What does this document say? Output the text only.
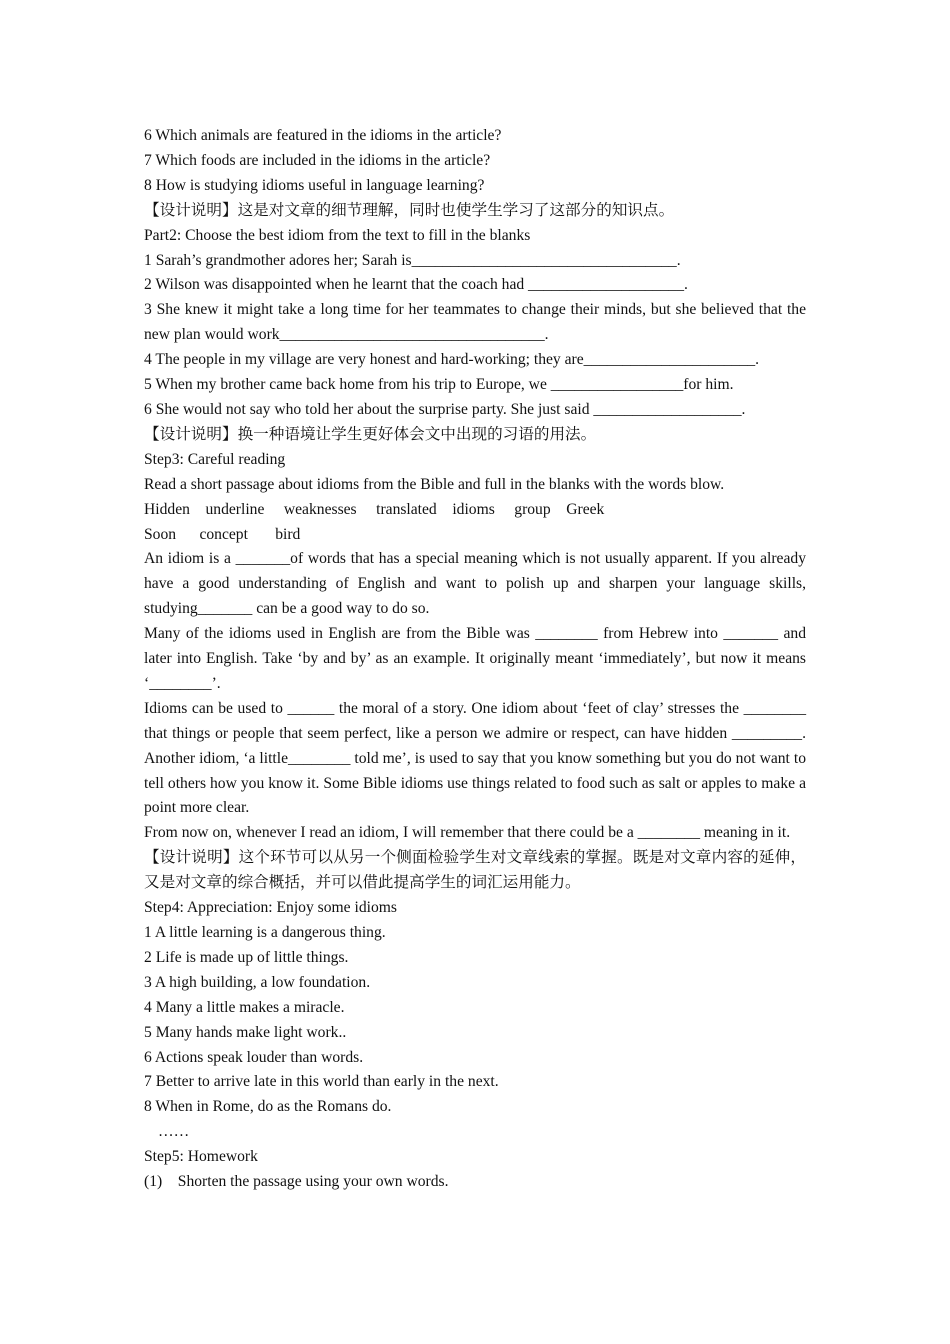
6 Which animals are featured in the idioms in the article?
7 Which foods are included in the idioms in the article?
8 How is studying idioms useful in language learning?
【设计说明】这是对文章的细节理解，同时也使学生学习了这部分的知识点。
Part2: Choose the best idiom from the text to fill in the blanks
1 Sarah’s grandmother adores her; Sarah is__________________________________.
2 Wilson was disappointed when he learnt that the coach had ____________________.
3 She knew it might take a long time for her teammates to change their minds, but she believed that the new plan would work__________________________________.
4 The people in my village are very honest and hard-working; they are______________________.
5 When my brother came back home from his trip to Europe, we _________________for him.
6 She would not say who told her about the surprise party. She just said ___________________.
【设计说明】换一种语境让学生更好体会文中出现的习语的用法。
Step3: Careful reading
Read a short passage about idioms from the Bible and full in the blanks with the words blow.
Hidden    underline     weaknesses     translated    idioms     group    Greek
Soon      concept       bird
An idiom is a _______of words that has a special meaning which is not usually apparent. If you already have a good understanding of English and want to polish up and sharpen your language skills, studying_______ can be a good way to do so.
Many of the idioms used in English are from the Bible was ________ from Hebrew into _______ and later into English. Take ‘by and by’ as an example. It originally meant ‘immediately’, but now it means ‘________’.
Idioms can be used to ______ the moral of a story. One idiom about ‘feet of clay’ stresses the ________ that things or people that seem perfect, like a person we admire or respect, can have hidden _________. Another idiom, ‘a little________ told me’, is used to say that you know something but you do not want to tell others how you know it. Some Bible idioms use things related to food such as salt or apples to make a point more clear.
From now on, whenever I read an idiom, I will remember that there could be a ________ meaning in it.
【设计说明】这个环节可以从另一个侧面检验学生对文章线索的掌握。既是对文章内容的延伸，又是对文章的综合概括，并可以借此提高学生的词汇运用能力。
Step4: Appreciation: Enjoy some idioms
1 A little learning is a dangerous thing.
2 Life is made up of little things.
3 A high building, a low foundation.
4 Many a little makes a miracle.
5 Many hands make light work..
6 Actions speak louder than words.
7 Better to arrive late in this world than early in the next.
8 When in Rome, do as the Romans do.
……
Step5: Homework
(1)    Shorten the passage using your own words.
